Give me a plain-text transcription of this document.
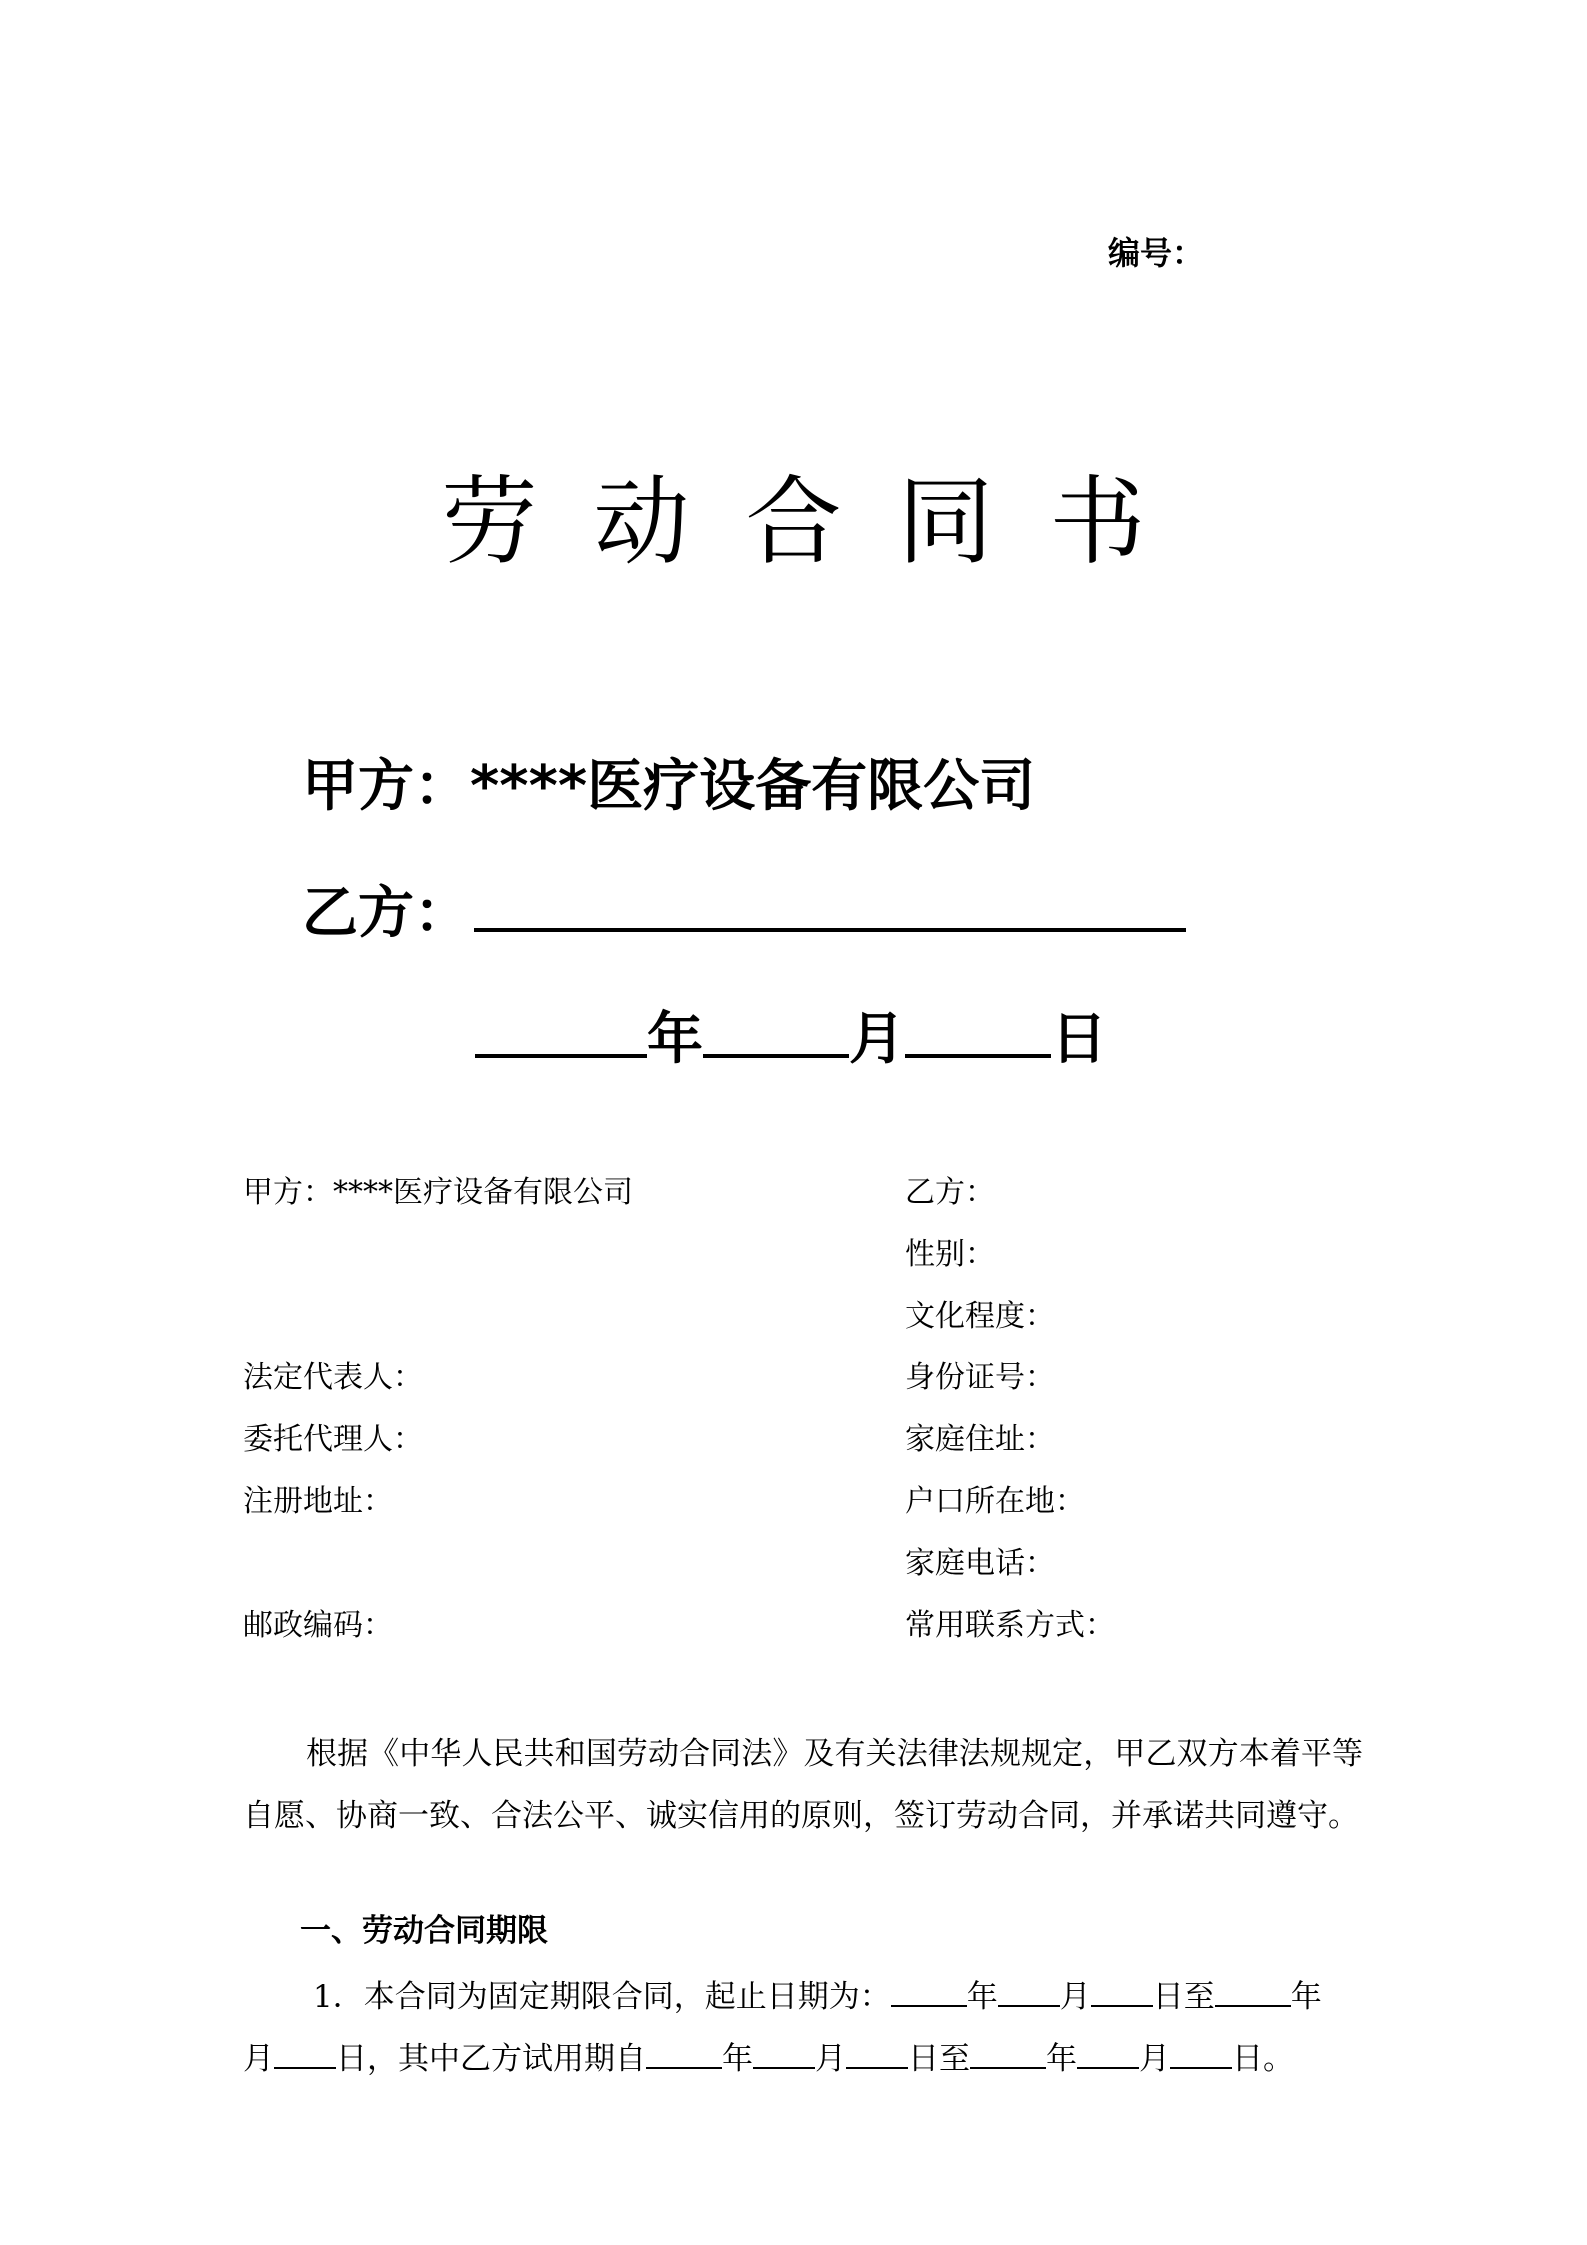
编号：
劳动合同书
甲方：****医疗设备有限公司
乙方：
年	月	日
甲方：****医疗设备有限公司
法定代表人：
委托代理人：
注册地址：
邮政编码：
乙方：
性别：
文化程度：
身份证号：
家庭住址：
户口所在地：
家庭电话：
常用联系方式：
根据《中华人民共和国劳动合同法》及有关法律法规规定，甲乙双方本着平等自愿、协商一致、合法公平、诚实信用的原则，签订劳动合同，并承诺共同遵守。
一、劳动合同期限
1．本合同为固定期限合同，起止日期为： 年 月 日至 年
月 日，其中乙方试用期自 年 月 日至 年 月 日。
